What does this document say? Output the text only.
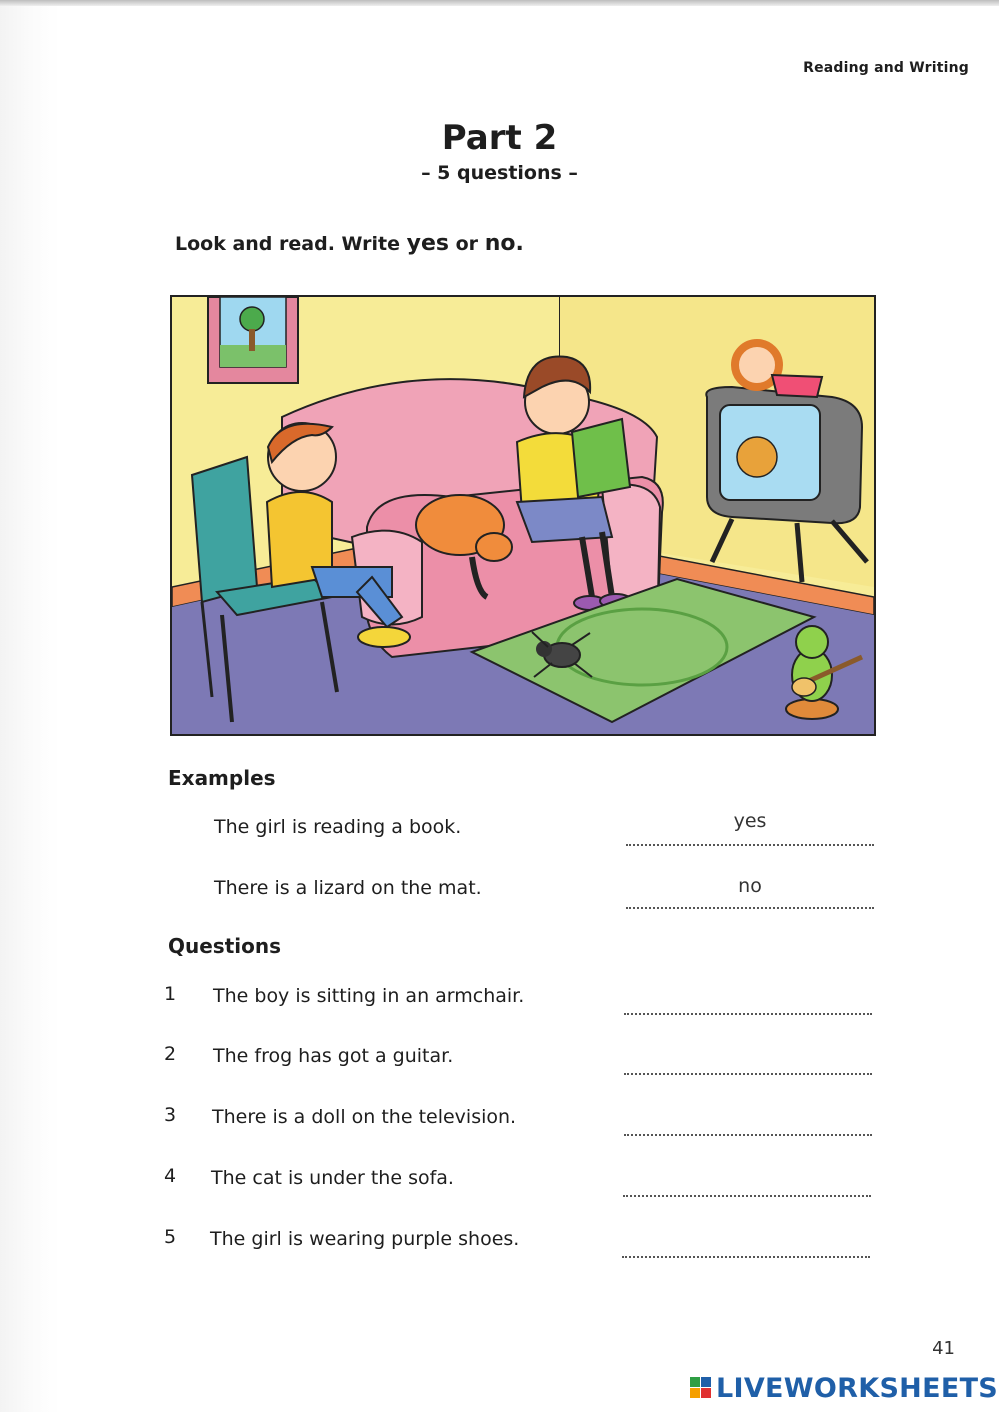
Reading and Writing
Part 2
– 5 questions –
Look and read. Write yes or no.
Examples
The girl is reading a book.	yes
There is a lizard on the mat.	no
Questions
1 The boy is sitting in an armchair.
2 The frog has got a guitar.
3 There is a doll on the television.
4 The cat is under the sofa.
5 The girl is wearing purple shoes.
41
LIVEWORKSHEETS
